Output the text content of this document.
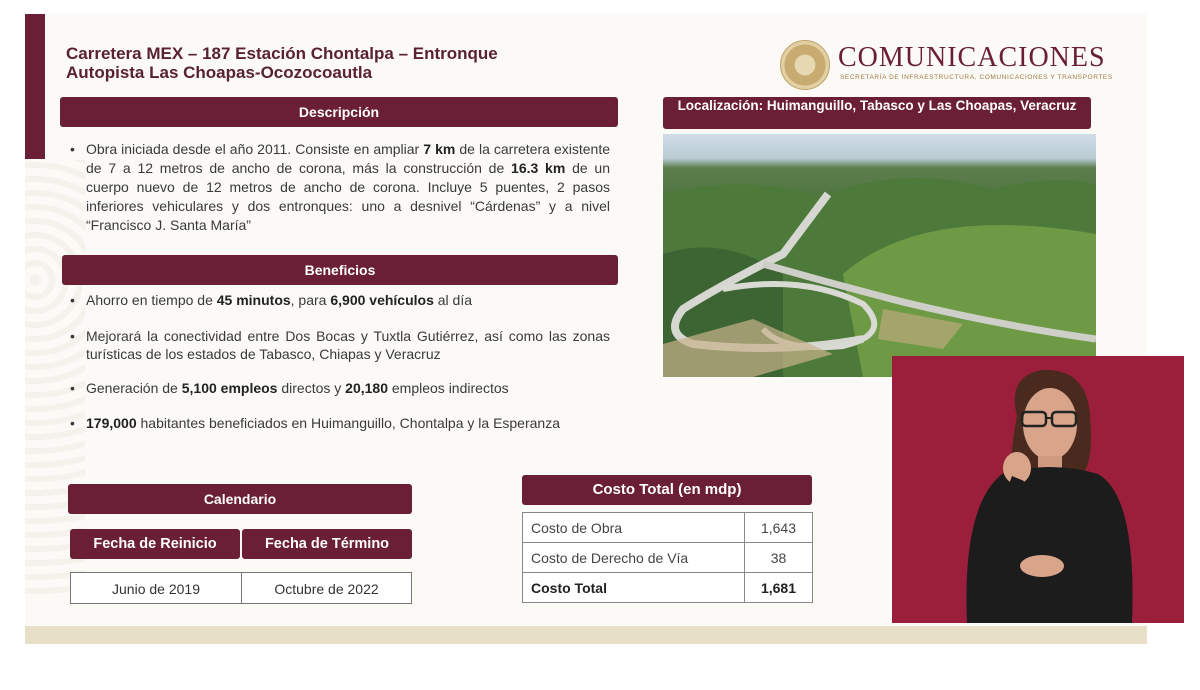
Carretera MEX – 187 Estación Chontalpa – Entronque
Autopista Las Choapas-Ocozocoautla	COMUNICACIONES
SECRETARÍA DE INFRAESTRUCTURA, COMUNICACIONES Y TRANSPORTES
Descripción
• Obra iniciada desde el año 2011. Consiste en ampliar 7 km de la carretera existente de 7 a 12 metros de ancho de corona, más la construcción de 16.3 km de un cuerpo nuevo de 12 metros de ancho de corona. Incluye 5 puentes, 2 pasos inferiores vehiculares y dos entronques: uno a desnivel “Cárdenas” y a nivel “Francisco J. Santa María”
Localización: Huimanguillo, Tabasco y Las Choapas, Veracruz
Beneficios
• Ahorro en tiempo de 45 minutos, para 6,900 vehículos al día
• Mejorará la conectividad entre Dos Bocas y Tuxtla Gutiérrez, así como las zonas turísticas de los estados de Tabasco, Chiapas y Veracruz
• Generación de 5,100 empleos directos y 20,180 empleos indirectos
• 179,000 habitantes beneficiados en Huimanguillo, Chontalpa y la Esperanza
Calendario
Fecha de Reinicio	Fecha de Término
Junio de 2019	Octubre de 2022
Costo Total (en mdp)
Costo de Obra	1,643
Costo de Derecho de Vía	38
Costo Total	1,681
